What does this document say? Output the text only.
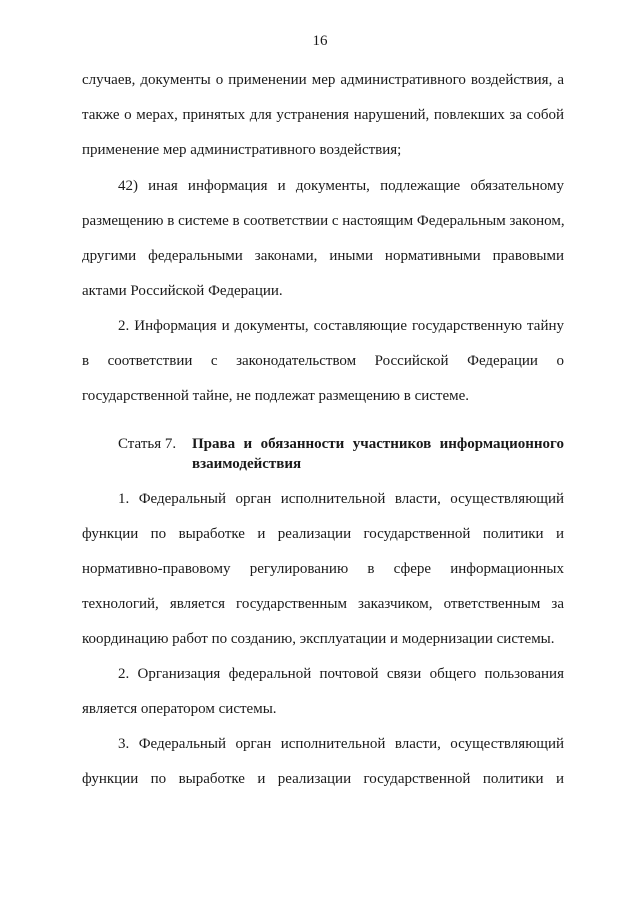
16
случаев, документы о применении мер административного воздействия, а
также о мерах, принятых для устранения нарушений, повлекших за собой
применение мер административного воздействия;
42) иная информация и документы, подлежащие обязательному
размещению в системе в соответствии с настоящим Федеральным законом,
другими федеральными законами, иными нормативными правовыми
актами Российской Федерации.
2. Информация и документы, составляющие государственную тайну
в соответствии с законодательством Российской Федерации о
государственной тайне, не подлежат размещению в системе.
Статья 7. Права и обязанности участников информационного
взаимодействия
1. Федеральный орган исполнительной власти, осуществляющий
функции по выработке и реализации государственной политики и
нормативно-правовому регулированию в сфере информационных
технологий, является государственным заказчиком, ответственным за
координацию работ по созданию, эксплуатации и модернизации системы.
2. Организация федеральной почтовой связи общего пользования
является оператором системы.
3. Федеральный орган исполнительной власти, осуществляющий
функции по выработке и реализации государственной политики и
